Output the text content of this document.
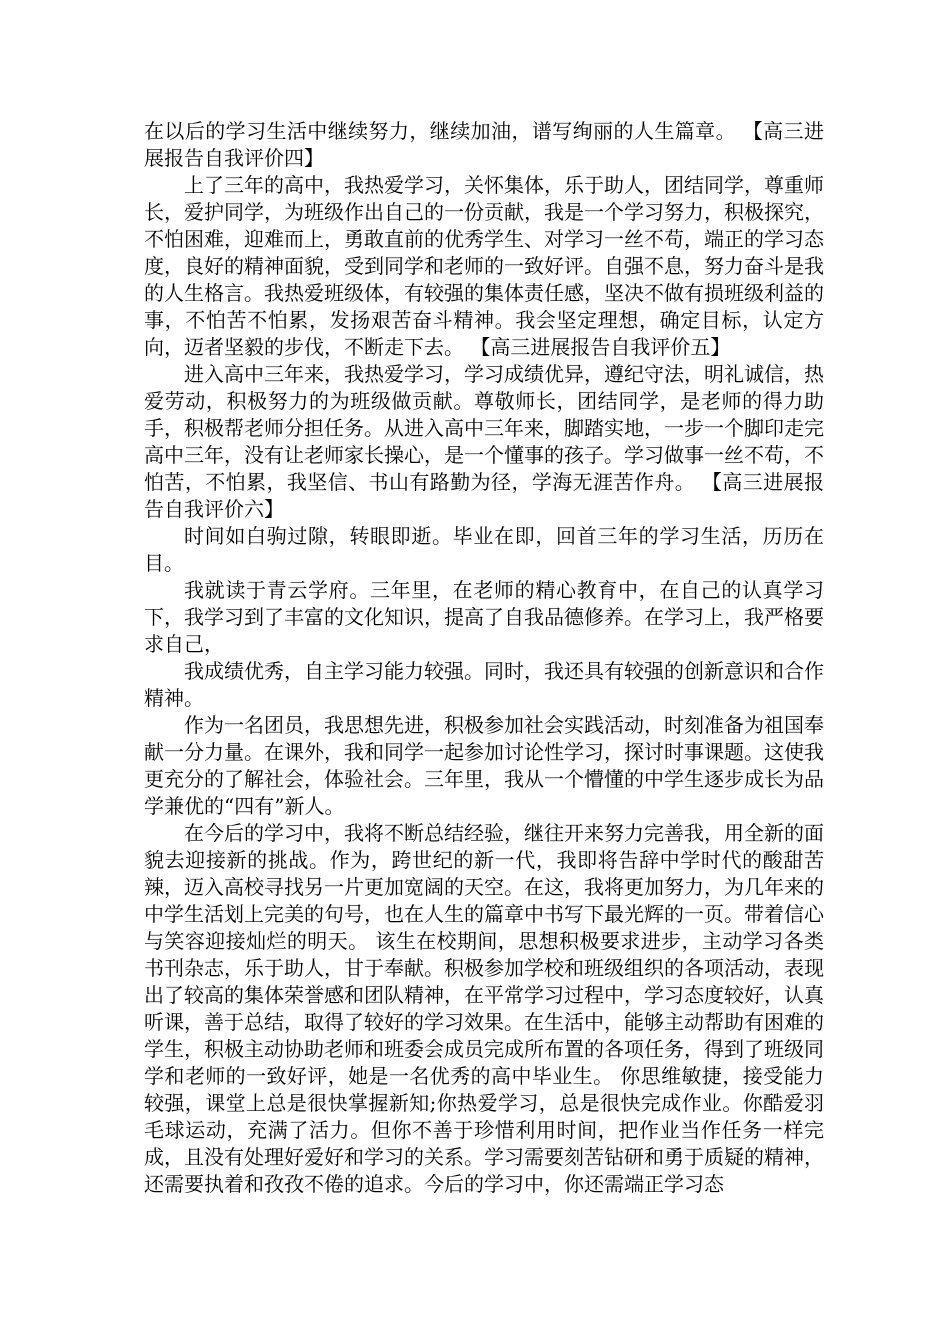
在以后的学习生活中继续努力，继续加油，谱写绚丽的人生篇章。 【高三进展报告自我评价四】

上了三年的高中，我热爱学习，关怀集体，乐于助人，团结同学，尊重师长，爱护同学，为班级作出自己的一份贡献，我是一个学习努力，积极探究，不怕困难，迎难而上，勇敢直前的优秀学生、对学习一丝不苟，端正的学习态度，良好的精神面貌，受到同学和老师的一致好评。自强不息，努力奋斗是我的人生格言。我热爱班级体，有较强的集体责任感，坚决不做有损班级利益的事，不怕苦不怕累，发扬艰苦奋斗精神。我会坚定理想，确定目标，认定方向，迈者坚毅的步伐，不断走下去。 【高三进展报告自我评价五】

进入高中三年来，我热爱学习，学习成绩优异，遵纪守法，明礼诚信，热爱劳动，积极努力的为班级做贡献。尊敬师长，团结同学，是老师的得力助手，积极帮老师分担任务。从进入高中三年来，脚踏实地，一步一个脚印走完高中三年，没有让老师家长操心，是一个懂事的孩子。学习做事一丝不苟，不怕苦，不怕累，我坚信、书山有路勤为径，学海无涯苦作舟。 【高三进展报告自我评价六】

时间如白驹过隙，转眼即逝。毕业在即，回首三年的学习生活，历历在目。

我就读于青云学府。三年里，在老师的精心教育中，在自己的认真学习下，我学习到了丰富的文化知识，提高了自我品德修养。在学习上，我严格要求自己，

我成绩优秀，自主学习能力较强。同时，我还具有较强的创新意识和合作精神。

作为一名团员，我思想先进，积极参加社会实践活动，时刻准备为祖国奉献一分力量。在课外，我和同学一起参加讨论性学习，探讨时事课题。这使我更充分的了解社会，体验社会。三年里，我从一个懵懂的中学生逐步成长为品学兼优的“四有”新人。

在今后的学习中，我将不断总结经验，继往开来努力完善我，用全新的面貌去迎接新的挑战。作为，跨世纪的新一代，我即将告辞中学时代的酸甜苦辣，迈入高校寻找另一片更加宽阔的天空。在这，我将更加努力，为几年来的中学生活划上完美的句号，也在人生的篇章中书写下最光辉的一页。带着信心与笑容迎接灿烂的明天。 该生在校期间，思想积极要求进步，主动学习各类书刊杂志，乐于助人，甘于奉献。积极参加学校和班级组织的各项活动，表现出了较高的集体荣誉感和团队精神，在平常学习过程中，学习态度较好，认真听课，善于总结，取得了较好的学习效果。在生活中，能够主动帮助有困难的学生，积极主动协助老师和班委会成员完成所布置的各项任务，得到了班级同学和老师的一致好评，她是一名优秀的高中毕业生。 你思维敏捷，接受能力较强，课堂上总是很快掌握新知;你热爱学习，总是很快完成作业。你酷爱羽毛球运动，充满了活力。但你不善于珍惜利用时间，把作业当作任务一样完成，且没有处理好爱好和学习的关系。学习需要刻苦钻研和勇于质疑的精神，还需要执着和孜孜不倦的追求。今后的学习中，你还需端正学习态
